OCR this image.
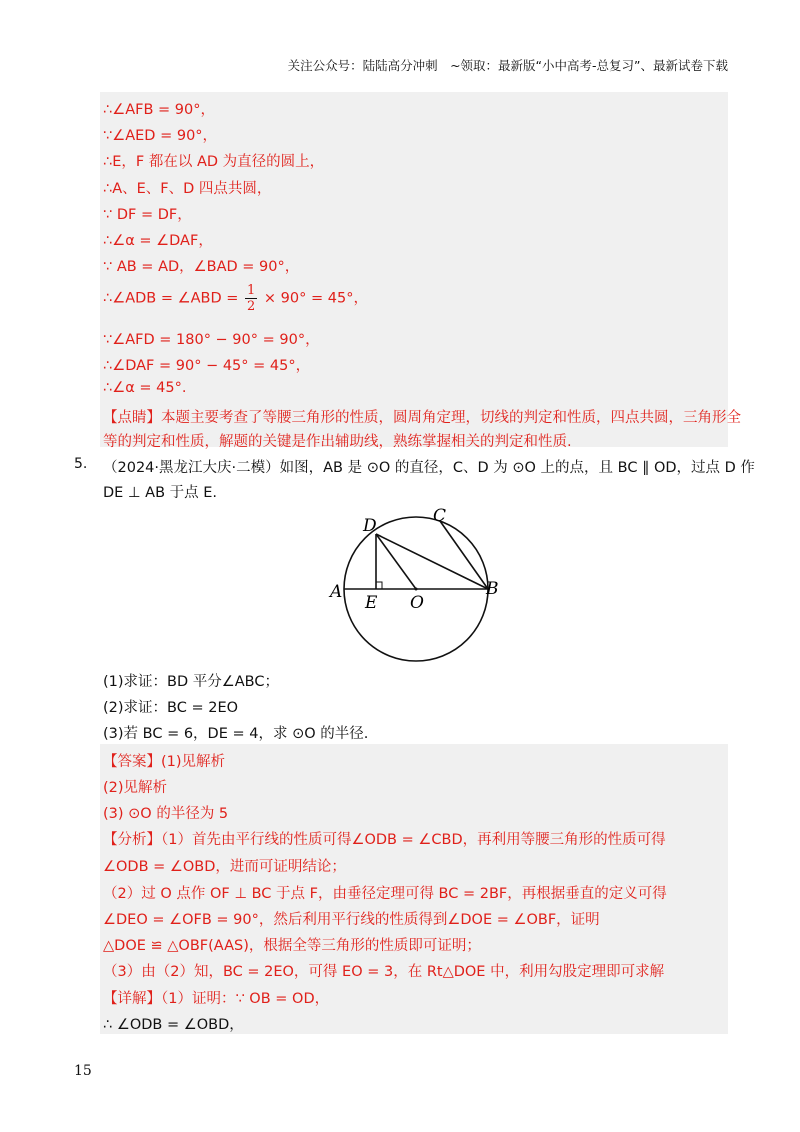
关注公众号：陆陆高分冲刺　~领取：最新版“小中高考-总复习”、最新试卷下载
∴∠AFB = 90°，
∵∠AED = 90°，
∴E，F 都在以 AD 为直径的圆上，
∴A、E、F、D 四点共圆，
∵ DF = DF，
∴∠α = ∠DAF，
∵ AB = AD，∠BAD = 90°，
∴∠ADB = ∠ABD = $\frac{1}{2} \times 90^\circ = 45^\circ$，
∵∠AFD = 180° − 90° = 90°，
∴∠DAF = 90° − 45° = 45°，
∴∠α = 45°.
【点睛】本题主要考查了等腰三角形的性质，圆周角定理，切线的判定和性质，四点共圆，三角形全
等的判定和性质，解题的关键是作出辅助线，熟练掌握相关的判定和性质.
5. （2024·黑龙江大庆·二模）如图，AB 是 ⊙O 的直径，C、D 为 ⊙O 上的点，且 BC ∥ OD，过点 D 作
DE ⊥ AB 于点 E.
D	C
A	B
E O
(1)求证：BD 平分∠ABC；
(2)求证：BC = 2EO
(3)若 BC = 6，DE = 4，求 ⊙O 的半径.
【答案】(1)见解析
(2)见解析
(3) ⊙O 的半径为 5
【分析】（1）首先由平行线的性质可得∠ODB = ∠CBD，再利用等腰三角形的性质可得
∠ODB = ∠OBD，进而可证明结论；
（2）过 O 点作 OF ⊥ BC 于点 F，由垂径定理可得 BC = 2BF，再根据垂直的定义可得
∠DEO = ∠OFB = 90°，然后利用平行线的性质得到∠DOE = ∠OBF，证明
△DOE ≌ △OBF(AAS)，根据全等三角形的性质即可证明；
（3）由（2）知，BC = 2EO，可得 EO = 3，在 Rt△DOE 中，利用勾股定理即可求解
【详解】（1）证明：∵ OB = OD，
∴ ∠ODB = ∠OBD，
15
